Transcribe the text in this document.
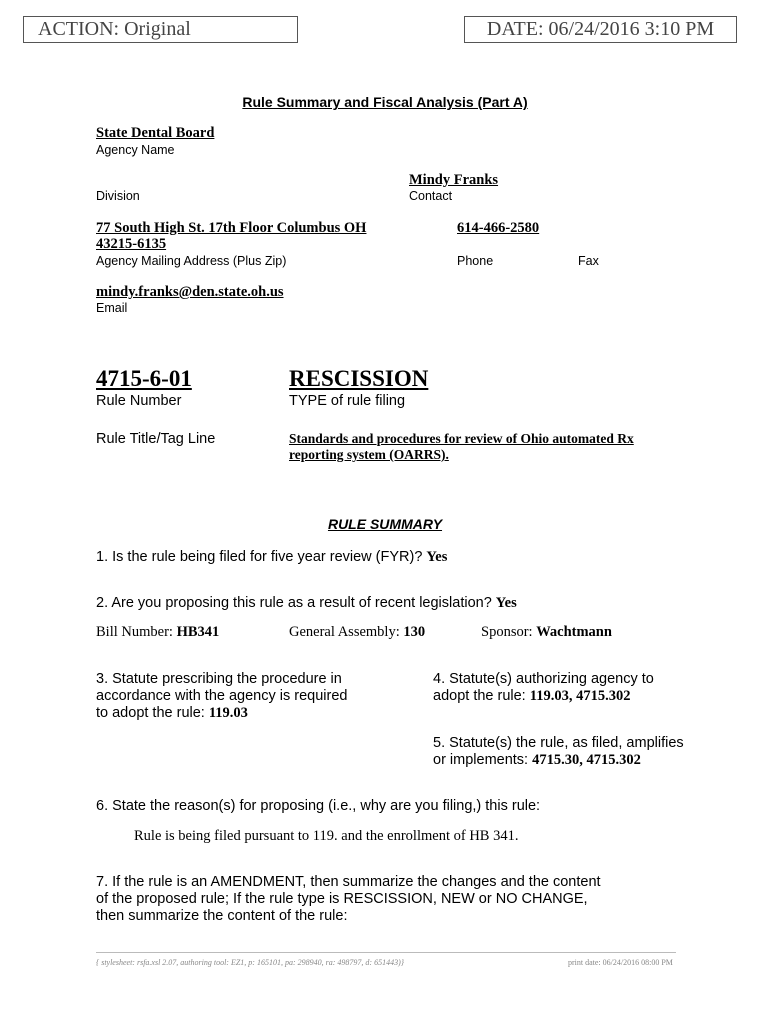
ACTION: Original	DATE: 06/24/2016 3:10 PM
Rule Summary and Fiscal Analysis (Part A)
State Dental Board
Agency Name
Mindy Franks
Division	Contact
77 South High St. 17th Floor Columbus OH
43215-6135
614-466-2580
Agency Mailing Address (Plus Zip)	Phone	Fax
mindy.franks@den.state.oh.us
Email
4715-6-01	RESCISSION
Rule Number	TYPE of rule filing
Rule Title/Tag Line	Standards and procedures for review of Ohio automated Rx
reporting system (OARRS).
RULE SUMMARY
1. Is the rule being filed for five year review (FYR)? Yes
2. Are you proposing this rule as a result of recent legislation? Yes
Bill Number: HB341	General Assembly: 130	Sponsor: Wachtmann
3. Statute prescribing the procedure in
accordance with the agency is required
to adopt the rule: 119.03
4. Statute(s) authorizing agency to
adopt the rule: 119.03, 4715.302
5. Statute(s) the rule, as filed, amplifies
or implements: 4715.30, 4715.302
6. State the reason(s) for proposing (i.e., why are you filing,) this rule:
Rule is being filed pursuant to 119. and the enrollment of HB 341.
7. If the rule is an AMENDMENT, then summarize the changes and the content
of the proposed rule; If the rule type is RESCISSION, NEW or NO CHANGE,
then summarize the content of the rule:
{ stylesheet: rsfa.xsl 2.07, authoring tool: EZ1, p: 165101, pa: 298940, ra: 498797, d: 651443)}	print date: 06/24/2016 08:00 PM
